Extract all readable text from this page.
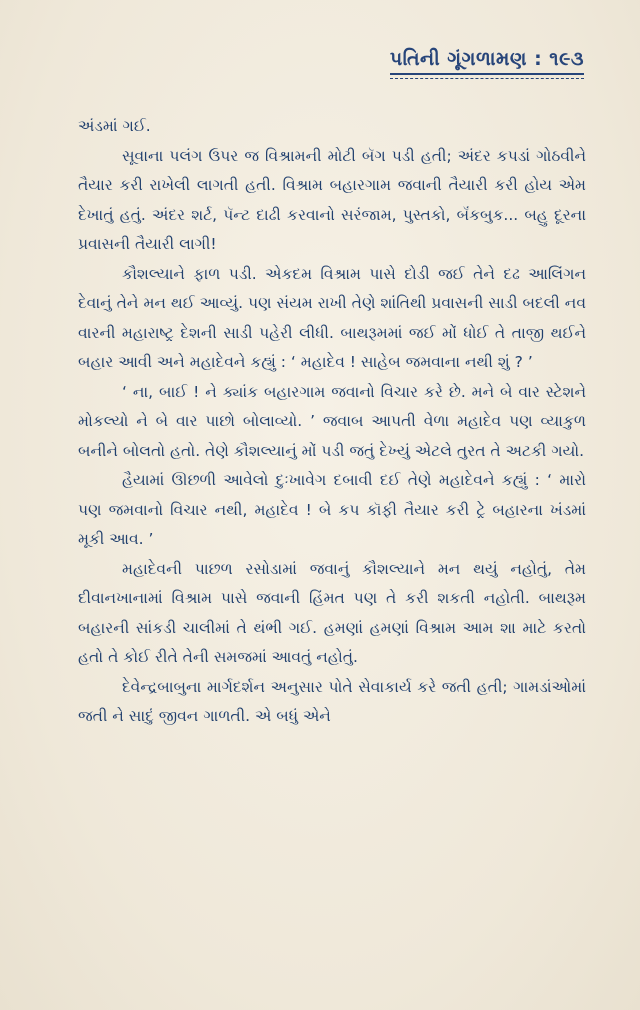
પતિની ગૂંગળામણ : ૧૯૩

અંડમાં ગઈ.

સૂવાના પલંગ ઉપર જ વિશ્રામની મોટી બૅગ પડી હતી; અંદર કપડાં ગોઠવીને તૈયાર કરી રાખેલી લાગતી હતી. વિશ્રામ બહારગામ જવાની તૈયારી કરી હોય એમ દેખાતું હતું. અંદર શર્ટ, પૅન્ટ દાઢી કરવાનો સરંજામ, પુસ્તકો, બૅંકબુક... બહુ દૂરના પ્રવાસની તૈયારી લાગી!

કૌશલ્યાને ફાળ પડી. એકદમ વિશ્રામ પાસે દોડી જઈ તેને દઢ આલિંગન દેવાનું તેને મન થઈ આવ્યું. પણ સંયમ રાખી તેણે શાંતિથી પ્રવાસની સાડી બદલી નવ વારની મહારાષ્ટ્ર દેશની સાડી પહેરી લીધી. બાથરૂમમાં જઈ મોં ધોઈ તે તાજી થઈને બહાર આવી અને મહાદેવને કહ્યું : ‘ મહાદેવ ! સાહેબ જમવાના નથી શું ? ’

‘ ના, બાઈ ! ને ક્યાંક બહારગામ જવાનો વિચાર કરે છે. મને બે વાર સ્ટેશને મોકલ્યો ને બે વાર પાછો બોલાવ્યો. ’ જવાબ આપતી વેળા મહાદેવ પણ વ્યાકુળ બનીને બોલતો હતો. તેણે કૌશલ્યાનું મોં પડી જતું દેખ્યું એટલે તુરત તે અટકી ગયો.

હૈયામાં ઊછળી આવેલો દુઃખાવેગ દબાવી દઈ તેણે મહાદેવને કહ્યું : ‘ મારો પણ જમવાનો વિચાર નથી, મહાદેવ ! બે કપ કૉફી તૈયાર કરી ટ્રે બહારના ખંડમાં મૂકી આવ. ’

મહાદેવની પાછળ રસોડામાં જવાનું કૌશલ્યાને મન થયું નહોતું, તેમ દીવાનખાનામાં વિશ્રામ પાસે જવાની હિંમત પણ તે કરી શકતી નહોતી. બાથરૂમ બહારની સાંકડી ચાલીમાં તે થંભી ગઈ. હમણાં હમણાં વિશ્રામ આમ શા માટે કરતો હતો તે કોઈ રીતે તેની સમજમાં આવતું નહોતું.

દેવેન્દ્રબાબુના માર્ગદર્શન અનુસાર પોતે સેવાકાર્ય કરે જતી હતી; ગામડાંઓમાં જતી ને સાદું જીવન ગાળતી. એ બધું એને
